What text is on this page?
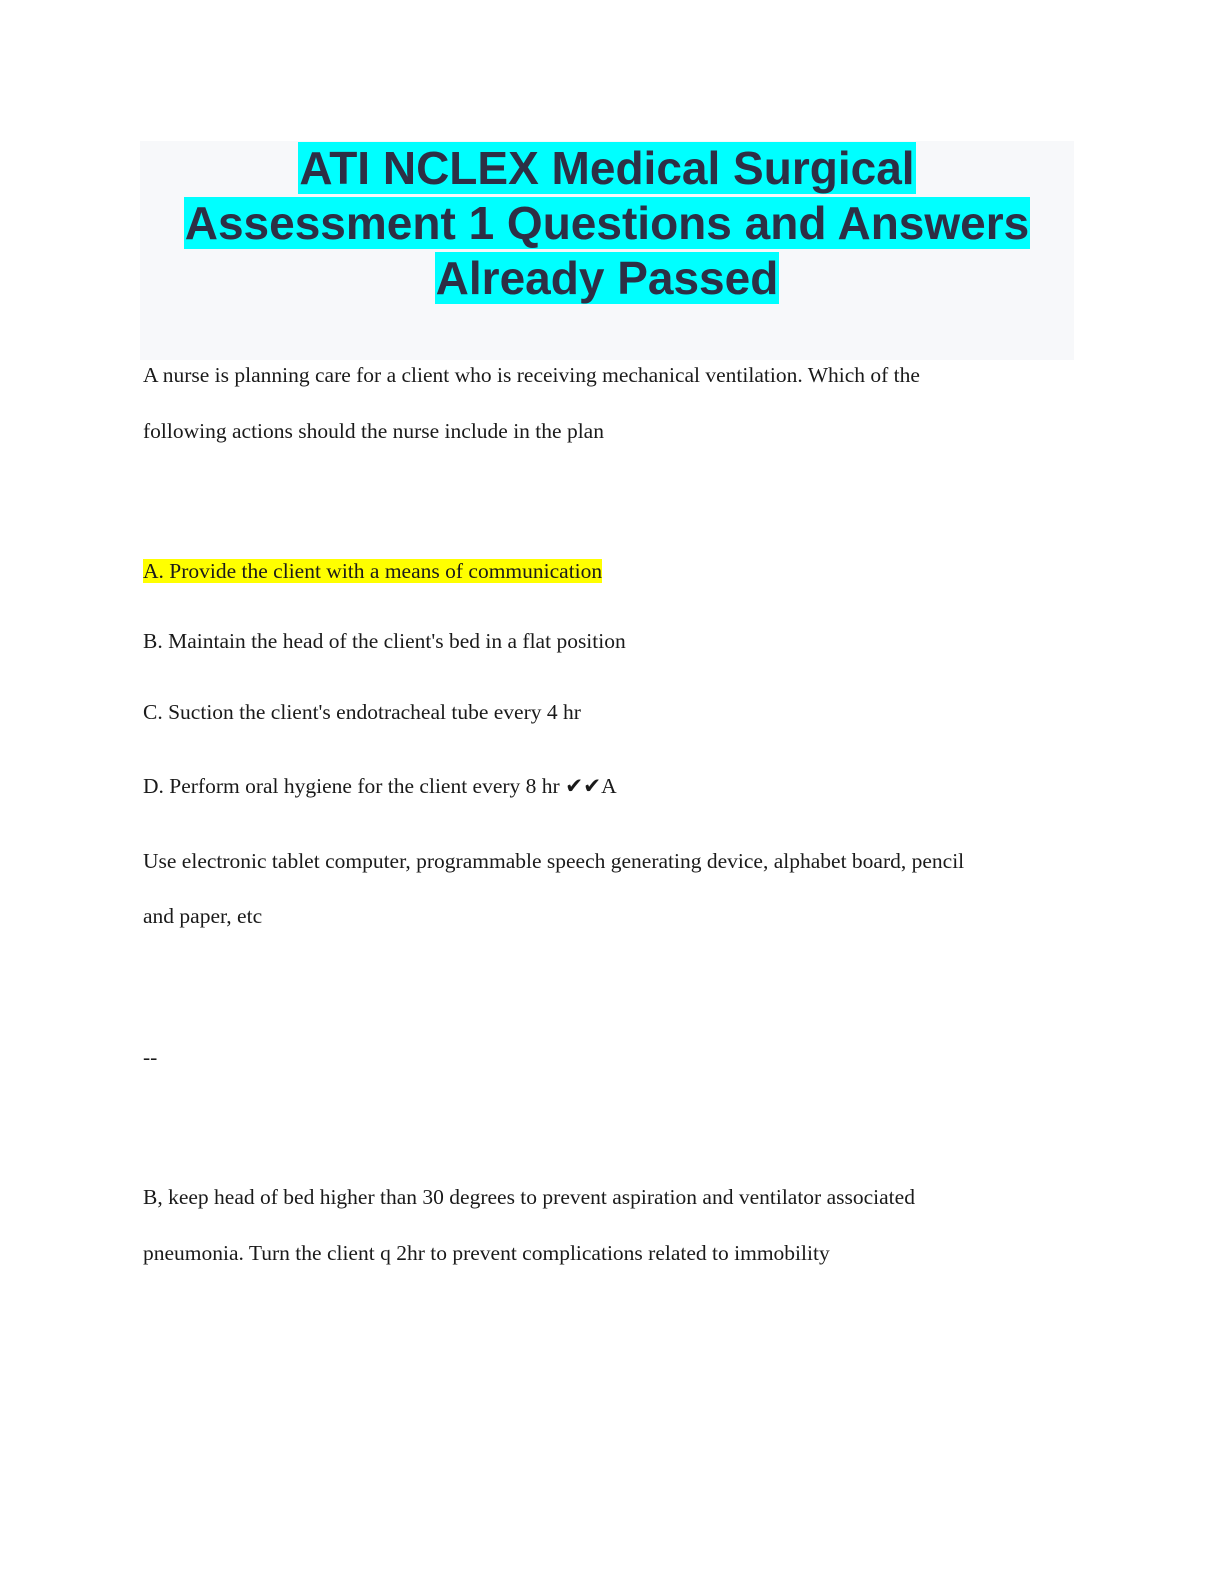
ATI NCLEX Medical Surgical
Assessment 1 Questions and Answers
Already Passed
A nurse is planning care for a client who is receiving mechanical ventilation. Which of the
following actions should the nurse include in the plan
A. Provide the client with a means of communication
B. Maintain the head of the client's bed in a flat position
C. Suction the client's endotracheal tube every 4 hr
D. Perform oral hygiene for the client every 8 hr ✔✔A
Use electronic tablet computer, programmable speech generating device, alphabet board, pencil
and paper, etc
--
B, keep head of bed higher than 30 degrees to prevent aspiration and ventilator associated
pneumonia. Turn the client q 2hr to prevent complications related to immobility
